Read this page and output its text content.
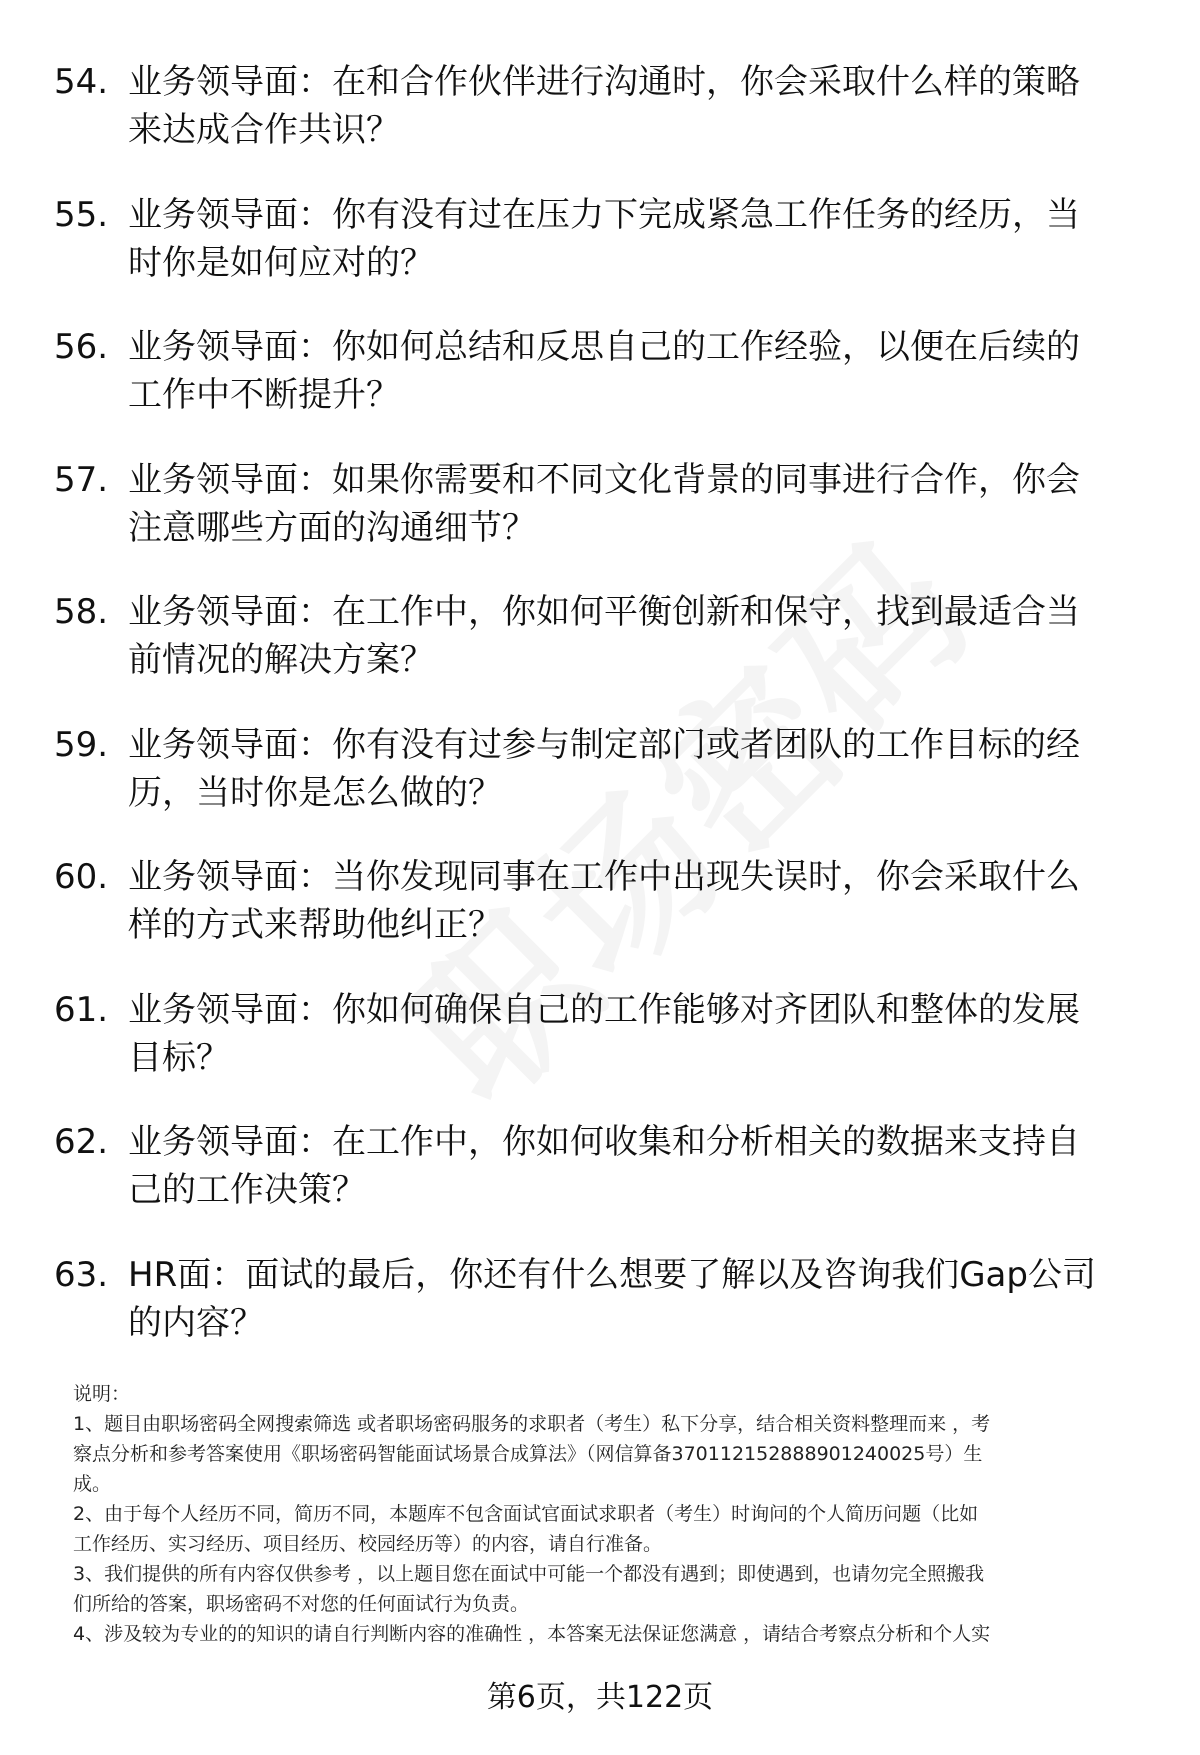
54. 业务领导面：在和合作伙伴进行沟通时，你会采取什么样的策略
来达成合作共识？
55. 业务领导面：你有没有过在压力下完成紧急工作任务的经历，当
时你是如何应对的？
56. 业务领导面：你如何总结和反思自己的工作经验，以便在后续的
工作中不断提升？
57. 业务领导面：如果你需要和不同文化背景的同事进行合作，你会
注意哪些方面的沟通细节？
58. 业务领导面：在工作中，你如何平衡创新和保守，找到最适合当
前情况的解决方案？
59. 业务领导面：你有没有过参与制定部门或者团队的工作目标的经
历，当时你是怎么做的？
60. 业务领导面：当你发现同事在工作中出现失误时，你会采取什么
样的方式来帮助他纠正？
61. 业务领导面：你如何确保自己的工作能够对齐团队和整体的发展
目标？
62. 业务领导面：在工作中，你如何收集和分析相关的数据来支持自
己的工作决策？
63. HR面：面试的最后，你还有什么想要了解以及咨询我们Gap公司
的内容？
说明：
1、题目由职场密码全网搜索筛选 或者职场密码服务的求职者（考生）私下分享，结合相关资料整理而来 ，考
察点分析和参考答案使用《职场密码智能面试场景合成算法》（网信算备370112152888901240025号）生
成。
2、由于每个人经历不同，简历不同，本题库不包含面试官面试求职者（考生）时询问的个人简历问题（比如
工作经历、实习经历、项目经历、校园经历等）的内容，请自行准备。
3、我们提供的所有内容仅供参考 ，以上题目您在面试中可能一个都没有遇到；即使遇到，也请勿完全照搬我
们所给的答案，职场密码不对您的任何面试行为负责。
4、涉及较为专业的的知识的请自行判断内容的准确性 ，本答案无法保证您满意 ，请结合考察点分析和个人实
第6页，共122页
